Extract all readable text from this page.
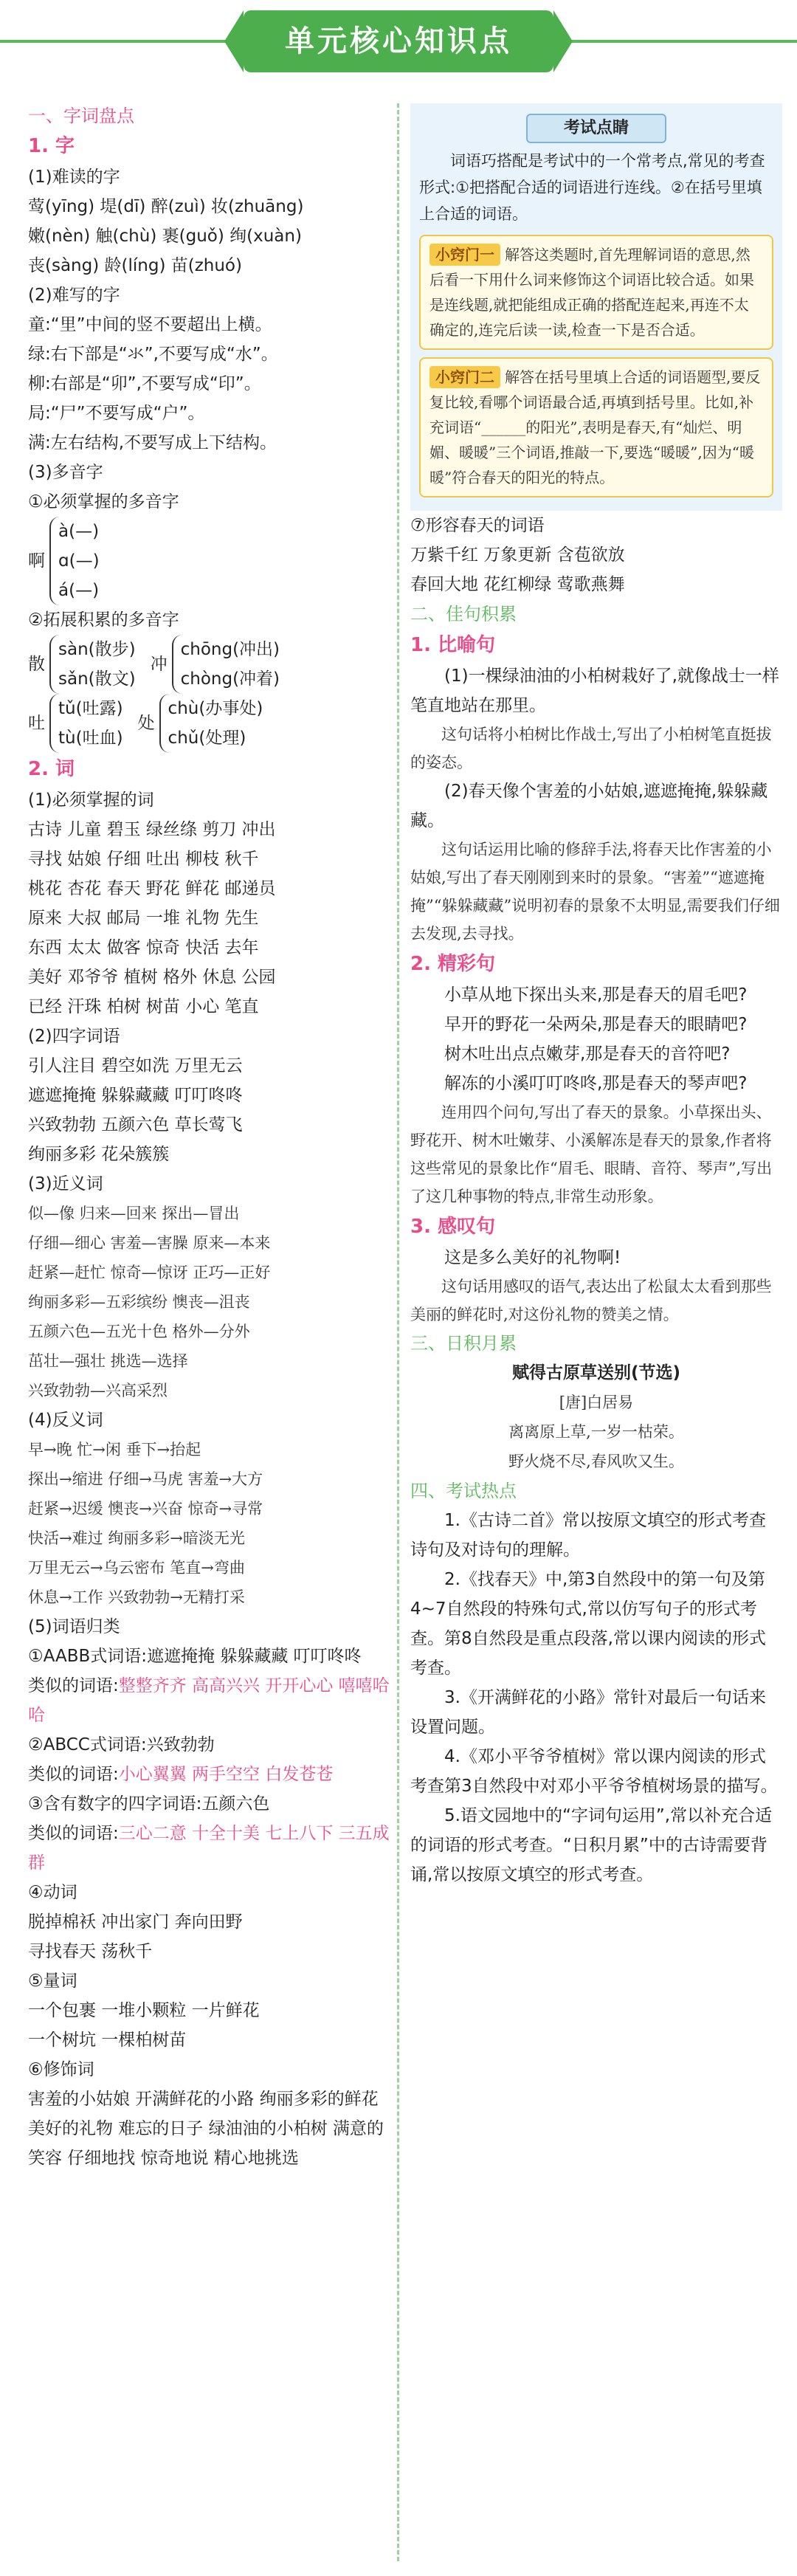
单元核心知识点
一、字词盘点
1. 字
(1)难读的字
莺(yīng) 堤(dī) 醉(zuì) 妆(zhuāng)
嫩(nèn) 触(chù) 裹(guǒ) 绚(xuàn)
丧(sàng) 龄(líng) 苗(zhuó)
(2)难写的字
童:“里”中间的竖不要超出上横。
绿:右下部是“氺”,不要写成“水”。
柳:右部是“卯”,不要写成“印”。
局:“尸”不要写成“户”。
满:左右结构,不要写成上下结构。
(3)多音字
①必须掌握的多音字
啊
à(—)
ɑ(—)
á(—)
②拓展积累的多音字
散
sàn(散步)
sǎn(散文)
冲
chōng(冲出)
chòng(冲着)
吐
tǔ(吐露)
tù(吐血)
处
chù(办事处)
chǔ(处理)
2. 词
(1)必须掌握的词
古诗 儿童 碧玉 绿丝绦 剪刀 冲出
寻找 姑娘 仔细 吐出 柳枝 秋千
桃花 杏花 春天 野花 鲜花 邮递员
原来 大叔 邮局 一堆 礼物 先生
东西 太太 做客 惊奇 快活 去年
美好 邓爷爷 植树 格外 休息 公园
已经 汗珠 柏树 树苗 小心 笔直
(2)四字词语
引人注目 碧空如洗 万里无云
遮遮掩掩 躲躲藏藏 叮叮咚咚
兴致勃勃 五颜六色 草长莺飞
绚丽多彩 花朵簇簇
(3)近义词
似—像 归来—回来 探出—冒出
仔细—细心 害羞—害臊 原来—本来
赶紧—赶忙 惊奇—惊讶 正巧—正好
绚丽多彩—五彩缤纷 懊丧—沮丧
五颜六色—五光十色 格外—分外
茁壮—强壮 挑选—选择
兴致勃勃—兴高采烈
(4)反义词
早→晚 忙→闲 垂下→抬起
探出→缩进 仔细→马虎 害羞→大方
赶紧→迟缓 懊丧→兴奋 惊奇→寻常
快活→难过 绚丽多彩→暗淡无光
万里无云→乌云密布 笔直→弯曲
休息→工作 兴致勃勃→无精打采
(5)词语归类
①AABB式词语:遮遮掩掩 躲躲藏藏 叮叮咚咚
类似的词语:整整齐齐 高高兴兴 开开心心 嘻嘻哈哈
②ABCC式词语:兴致勃勃
类似的词语:小心翼翼 两手空空 白发苍苍
③含有数字的四字词语:五颜六色
类似的词语:三心二意 十全十美 七上八下 三五成群
④动词
脱掉棉袄 冲出家门 奔向田野
寻找春天 荡秋千
⑤量词
一个包裹 一堆小颗粒 一片鲜花
一个树坑 一棵柏树苗
⑥修饰词
害羞的小姑娘 开满鲜花的小路 绚丽多彩的鲜花 美好的礼物 难忘的日子 绿油油的小柏树 满意的笑容 仔细地找 惊奇地说 精心地挑选
考试点睛
词语巧搭配是考试中的一个常考点,常见的考查形式:①把搭配合适的词语进行连线。②在括号里填上合适的词语。
小窍门一 解答这类题时,首先理解词语的意思,然后看一下用什么词来修饰这个词语比较合适。如果是连线题,就把能组成正确的搭配连起来,再连不太确定的,连完后读一读,检查一下是否合适。
小窍门二 解答在括号里填上合适的词语题型,要反复比较,看哪个词语最合适,再填到括号里。比如,补充词语“______的阳光”,表明是春天,有“灿烂、明媚、暖暖”三个词语,推敲一下,要选“暖暖”,因为“暖暖”符合春天的阳光的特点。
⑦形容春天的词语
万紫千红 万象更新 含苞欲放
春回大地 花红柳绿 莺歌燕舞
二、佳句积累
1. 比喻句
(1)一棵绿油油的小柏树栽好了,就像战士一样笔直地站在那里。
这句话将小柏树比作战士,写出了小柏树笔直挺拔的姿态。
(2)春天像个害羞的小姑娘,遮遮掩掩,躲躲藏藏。
这句话运用比喻的修辞手法,将春天比作害羞的小姑娘,写出了春天刚刚到来时的景象。“害羞”“遮遮掩掩”“躲躲藏藏”说明初春的景象不太明显,需要我们仔细去发现,去寻找。
2. 精彩句
小草从地下探出头来,那是春天的眉毛吧?
早开的野花一朵两朵,那是春天的眼睛吧?
树木吐出点点嫩芽,那是春天的音符吧?
解冻的小溪叮叮咚咚,那是春天的琴声吧?
连用四个问句,写出了春天的景象。小草探出头、野花开、树木吐嫩芽、小溪解冻是春天的景象,作者将这些常见的景象比作“眉毛、眼睛、音符、琴声”,写出了这几种事物的特点,非常生动形象。
3. 感叹句
这是多么美好的礼物啊!
这句话用感叹的语气,表达出了松鼠太太看到那些美丽的鲜花时,对这份礼物的赞美之情。
三、日积月累
赋得古原草送别(节选)
[唐]白居易
离离原上草,一岁一枯荣。
野火烧不尽,春风吹又生。
四、考试热点
1.《古诗二首》常以按原文填空的形式考查诗句及对诗句的理解。
2.《找春天》中,第3自然段中的第一句及第4~7自然段的特殊句式,常以仿写句子的形式考查。第8自然段是重点段落,常以课内阅读的形式考查。
3.《开满鲜花的小路》常针对最后一句话来设置问题。
4.《邓小平爷爷植树》常以课内阅读的形式考查第3自然段中对邓小平爷爷植树场景的描写。
5.语文园地中的“字词句运用”,常以补充合适的词语的形式考查。“日积月累”中的古诗需要背诵,常以按原文填空的形式考查。
